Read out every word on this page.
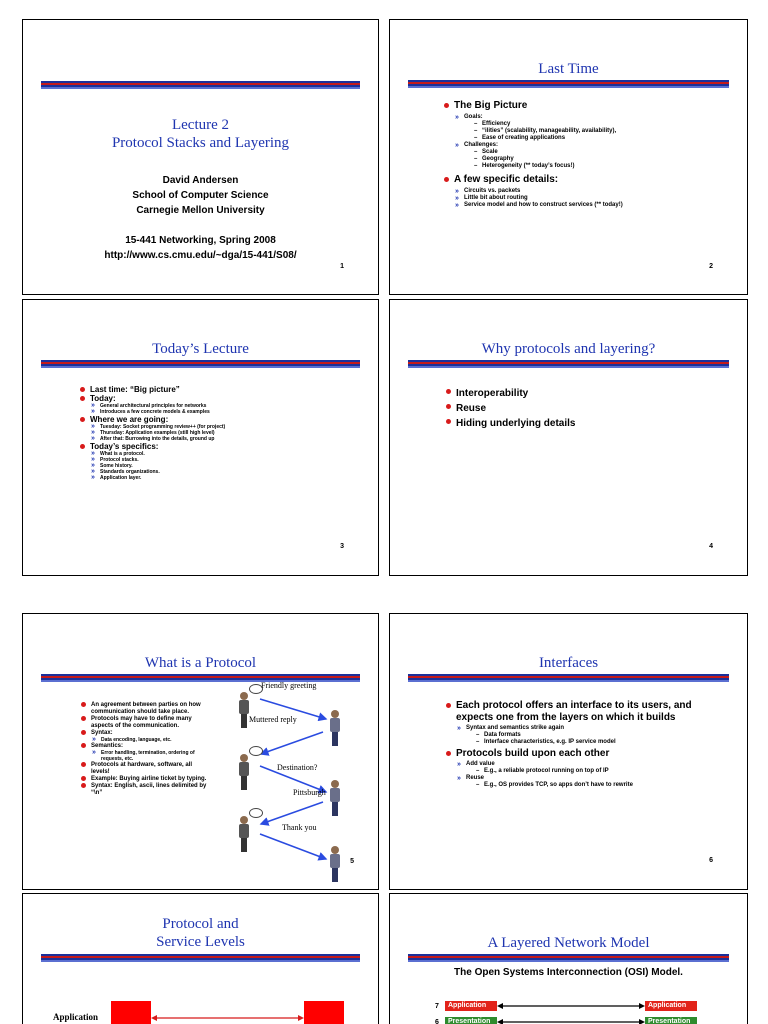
Lecture 2
Protocol Stacks and Layering
David Andersen
School of Computer Science
Carnegie Mellon University
15-441 Networking, Spring 2008
http://www.cs.cmu.edu/~dga/15-441/S08/
1
Last Time
The Big Picture
» Goals:
– Efficiency
– “ilities” (scalability, manageability, availability),
– Ease of creating applications
» Challenges:
– Scale
– Geography
– Heterogeneity (** today’s focus!)
A few specific details:
» Circuits vs. packets
» Little bit about routing
» Service model and how to construct services (** today!)
2
Today’s Lecture
Last time: “Big picture”
Today:
» General architectural principles for networks
» Introduces a few concrete models & examples
Where we are going:
» Tuesday: Socket programming review++ (for project)
» Thursday: Application examples (still high level)
» After that: Burrowing into the details, ground up
Today’s specifics:
» What is a protocol.
» Protocol stacks.
» Some history.
» Standards organizations.
» Application layer.
3
Why protocols and layering?
Interoperability
Reuse
Hiding underlying details
4
What is a Protocol
An agreement between parties on how communication should take place.
Protocols may have to define many aspects of the communication.
Syntax:
» Data encoding, language, etc.
Semantics:
» Error handling, termination, ordering of requests, etc.
Protocols at hardware, software, all levels!
Example: Buying airline ticket by typing.
Syntax: English, ascii, lines delimited by “\n”
Friendly greeting
Muttered reply
Destination?
Pittsburgh
Thank you
5
Interfaces
Each protocol offers an interface to its users, and expects one from the layers on which it builds
» Syntax and semantics strike again
– Data formats
– Interface characteristics, e.g. IP service model
Protocols build upon each other
» Add value
– E.g., a reliable protocol running on top of IP
» Reuse
– E.g., OS provides TCP, so apps don’t have to rewrite
6
Protocol and
Service Levels
Application
A Layered Network Model
The Open Systems Interconnection (OSI) Model.
7	Application	Application
6	Presentation	Presentation
